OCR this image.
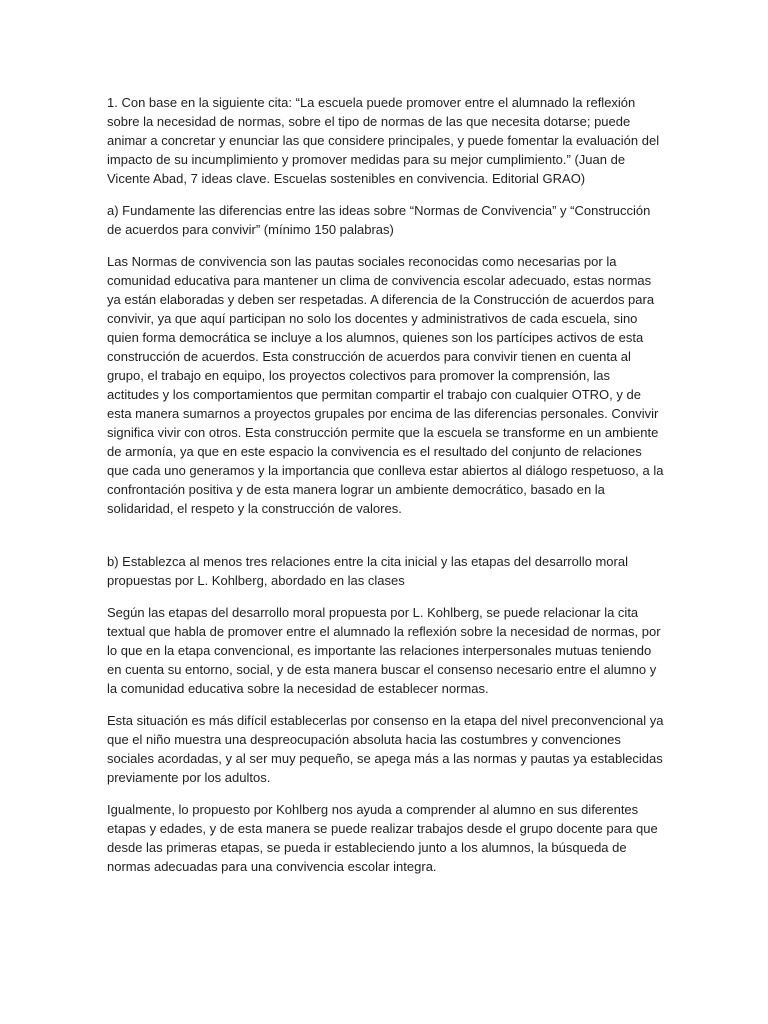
1. Con base en la siguiente cita: “La escuela puede promover entre el alumnado la reflexión sobre la necesidad de normas, sobre el tipo de normas de las que necesita dotarse; puede animar a concretar y enunciar las que considere principales, y puede fomentar la evaluación del impacto de su incumplimiento y promover medidas para su mejor cumplimiento.” (Juan de Vicente Abad, 7 ideas clave. Escuelas sostenibles en convivencia. Editorial GRAO)

a) Fundamente las diferencias entre las ideas sobre “Normas de Convivencia” y “Construcción de acuerdos para convivir” (mínimo 150 palabras)

Las Normas de convivencia son las pautas sociales reconocidas como necesarias por la comunidad educativa para mantener un clima de convivencia escolar adecuado, estas normas ya están elaboradas y deben ser respetadas. A diferencia de la Construcción de acuerdos para convivir, ya que aquí participan no solo los docentes y administrativos de cada escuela, sino quien forma democrática se incluye a los alumnos, quienes son los partícipes activos de esta construcción de acuerdos. Esta construcción de acuerdos para convivir tienen en cuenta al grupo, el trabajo en equipo, los proyectos colectivos para promover la comprensión, las actitudes y los comportamientos que permitan compartir el trabajo con cualquier OTRO, y de esta manera sumarnos a proyectos grupales por encima de las diferencias personales. Convivir significa vivir con otros. Esta construcción permite que la escuela se transforme en un ambiente de armonía, ya que en este espacio la convivencia es el resultado del conjunto de relaciones que cada uno generamos y la importancia que conlleva estar abiertos al diálogo respetuoso, a la confrontación positiva y de esta manera lograr un ambiente democrático, basado en la solidaridad, el respeto y la construcción de valores.

b) Establezca al menos tres relaciones entre la cita inicial y las etapas del desarrollo moral propuestas por L. Kohlberg, abordado en las clases

Según las etapas del desarrollo moral propuesta por L. Kohlberg, se puede relacionar la cita textual que habla de promover entre el alumnado la reflexión sobre la necesidad de normas, por lo que en la etapa convencional, es importante las relaciones interpersonales mutuas teniendo en cuenta su entorno, social, y de esta manera buscar el consenso necesario entre el alumno y la comunidad educativa sobre la necesidad de establecer normas.

Esta situación es más difícil establecerlas por consenso en la etapa del nivel preconvencional ya que el niño muestra una despreocupación absoluta hacia las costumbres y convenciones sociales acordadas, y al ser muy pequeño, se apega más a las normas y pautas ya establecidas previamente por los adultos.

Igualmente, lo propuesto por Kohlberg nos ayuda a comprender al alumno en sus diferentes etapas y edades, y de esta manera se puede realizar trabajos desde el grupo docente para que desde las primeras etapas, se pueda ir estableciendo junto a los alumnos, la búsqueda de normas adecuadas para una convivencia escolar integra.
